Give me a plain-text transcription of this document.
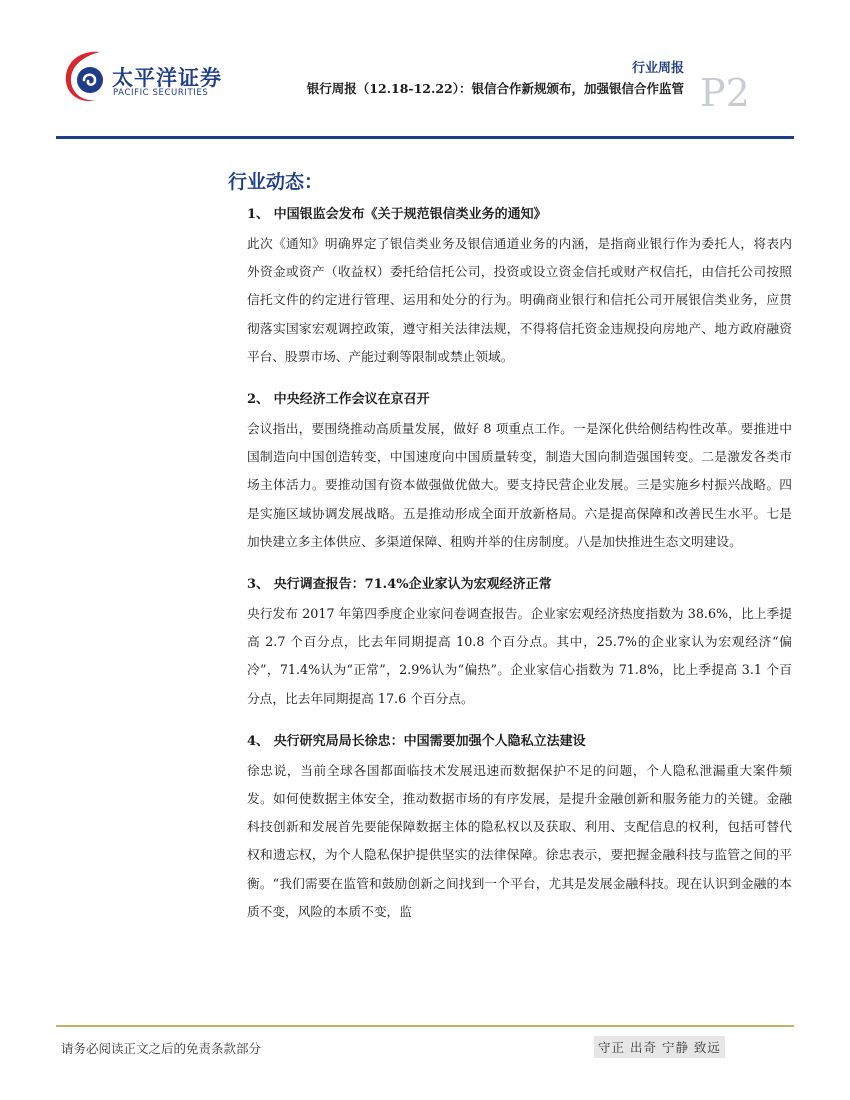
太平洋证券
PACIFIC SECURITIES
行业周报
银行周报（12.18-12.22）：银信合作新规颁布，加强银信合作监管 P2
行业动态：
1、 中国银监会发布《关于规范银信类业务的通知》
此次《通知》明确界定了银信类业务及银信通道业务的内涵，是指商业银行作为委托人，将表内外资金或资产（收益权）委托给信托公司，投资或设立资金信托或财产权信托，由信托公司按照信托文件的约定进行管理、运用和处分的行为。明确商业银行和信托公司开展银信类业务，应贯彻落实国家宏观调控政策，遵守相关法律法规，不得将信托资金违规投向房地产、地方政府融资平台、股票市场、产能过剩等限制或禁止领域。
2、 中央经济工作会议在京召开
会议指出，要围绕推动高质量发展，做好 8 项重点工作。一是深化供给侧结构性改革。要推进中国制造向中国创造转变，中国速度向中国质量转变，制造大国向制造强国转变。二是激发各类市场主体活力。要推动国有资本做强做优做大。要支持民营企业发展。三是实施乡村振兴战略。四是实施区域协调发展战略。五是推动形成全面开放新格局。六是提高保障和改善民生水平。七是加快建立多主体供应、多渠道保障、租购并举的住房制度。八是加快推进生态文明建设。
3、 央行调查报告：71.4%企业家认为宏观经济正常
央行发布 2017 年第四季度企业家问卷调查报告。企业家宏观经济热度指数为 38.6%，比上季提高 2.7 个百分点，比去年同期提高 10.8 个百分点。其中，25.7%的企业家认为宏观经济“偏冷”，71.4%认为“正常”，2.9%认为“偏热”。企业家信心指数为 71.8%，比上季提高 3.1 个百分点，比去年同期提高 17.6 个百分点。
4、 央行研究局局长徐忠：中国需要加强个人隐私立法建设
徐忠说，当前全球各国都面临技术发展迅速而数据保护不足的问题，个人隐私泄漏重大案件频发。如何使数据主体安全，推动数据市场的有序发展，是提升金融创新和服务能力的关键。金融科技创新和发展首先要能保障数据主体的隐私权以及获取、利用、支配信息的权利，包括可替代权和遗忘权，为个人隐私保护提供坚实的法律保障。徐忠表示，要把握金融科技与监管之间的平衡。“我们需要在监管和鼓励创新之间找到一个平台，尤其是发展金融科技。现在认识到金融的本质不变，风险的本质不变，监
请务必阅读正文之后的免责条款部分	守正 出奇 宁静 致远
